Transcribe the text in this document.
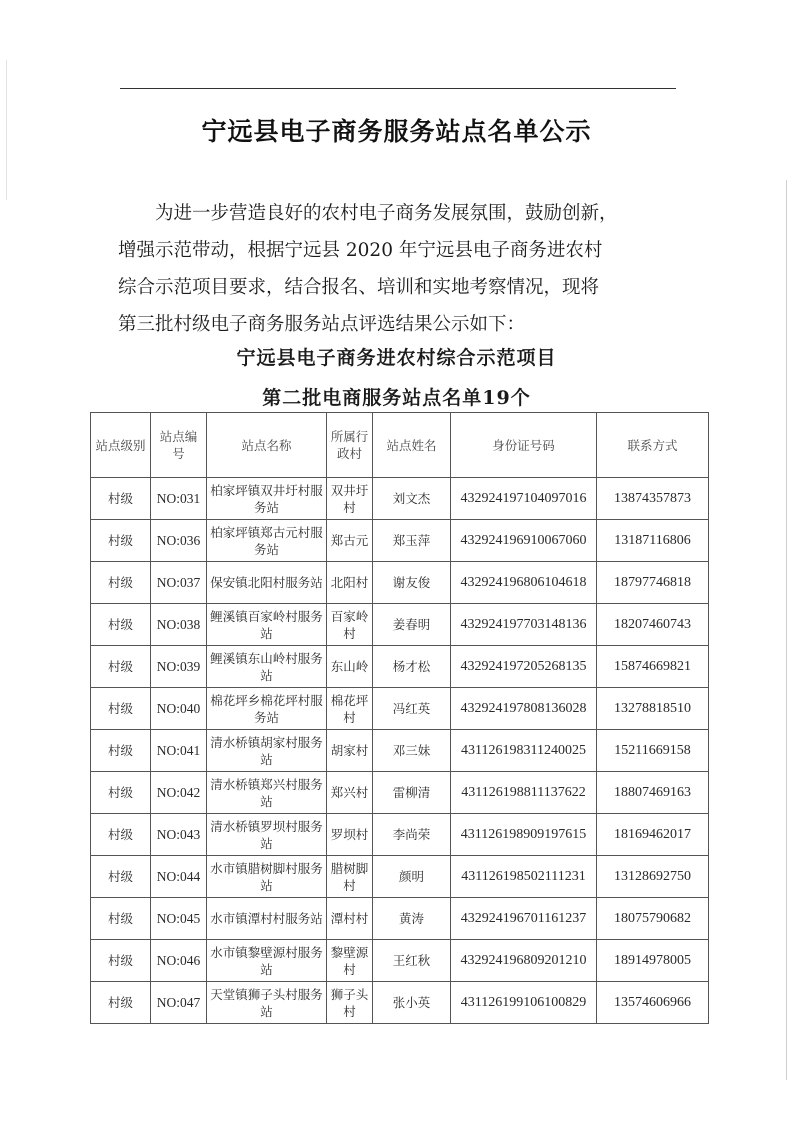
宁远县电子商务服务站点名单公示

为进一步营造良好的农村电子商务发展氛围，鼓励创新，

增强示范带动，根据宁远县 2020 年宁远县电子商务进农村

综合示范项目要求，结合报名、培训和实地考察情况，现将

第三批村级电子商务服务站点评选结果公示如下：

宁远县电子商务进农村综合示范项目
第二批电商服务站点名单19个
站点级别	站点编号	站点名称	所属行政村	站点姓名	身份证号码	联系方式
村级	NO:031	柏家坪镇双井圩村服务站	双井圩村	刘文杰	432924197104097016	13874357873
村级	NO:036	柏家坪镇郑古元村服务站	郑古元	郑玉萍	432924196910067060	13187116806
村级	NO:037	保安镇北阳村服务站	北阳村	谢友俊	432924196806104618	18797746818
村级	NO:038	鲤溪镇百家岭村服务站	百家岭村	姜春明	432924197703148136	18207460743
村级	NO:039	鲤溪镇东山岭村服务站	东山岭	杨才松	432924197205268135	15874669821
村级	NO:040	棉花坪乡棉花坪村服务站	棉花坪村	冯红英	432924197808136028	13278818510
村级	NO:041	清水桥镇胡家村服务站	胡家村	邓三妹	431126198311240025	15211669158
村级	NO:042	清水桥镇郑兴村服务站	郑兴村	雷柳清	431126198811137622	18807469163
村级	NO:043	清水桥镇罗坝村服务站	罗坝村	李尚荣	431126198909197615	18169462017
村级	NO:044	水市镇腊树脚村服务站	腊树脚村	颜明	431126198502111231	13128692750
村级	NO:045	水市镇潭村村服务站	潭村村	黄涛	432924196701161237	18075790682
村级	NO:046	水市镇黎壁源村服务站	黎壁源村	王红秋	432924196809201210	18914978005
村级	NO:047	天堂镇狮子头村服务站	狮子头村	张小英	431126199106100829	13574606966
